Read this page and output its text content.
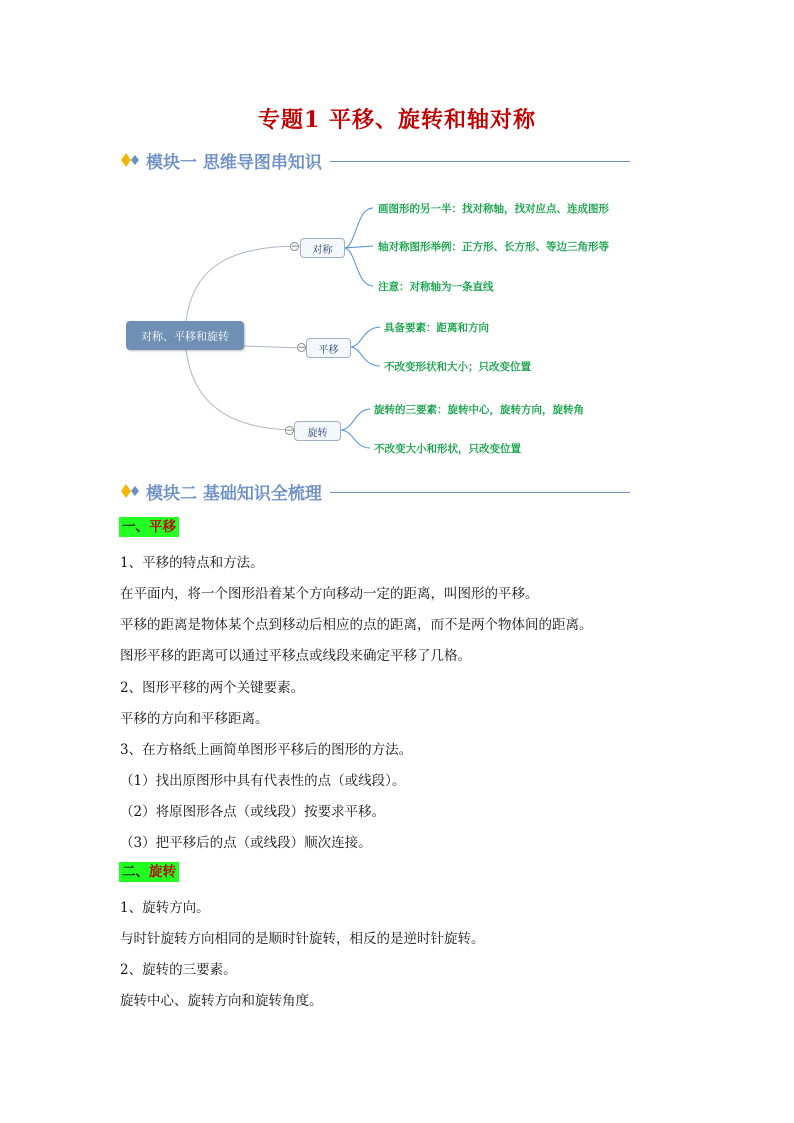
专题1 平移、旋转和轴对称
模块一 思维导图串知识
对称、平移和旋转
−	对称
−	平移
−	旋转
画图形的另一半：找对称轴，找对应点、连成图形
轴对称图形举例：正方形、长方形、等边三角形等
注意：对称轴为一条直线
具备要素：距离和方向
不改变形状和大小；只改变位置
旋转的三要素：旋转中心，旋转方向，旋转角
不改变大小和形状，只改变位置
模块二 基础知识全梳理
一、平移
1、平移的特点和方法。
在平面内，将一个图形沿着某个方向移动一定的距离，叫图形的平移。
平移的距离是物体某个点到移动后相应的点的距离，而不是两个物体间的距离。
图形平移的距离可以通过平移点或线段来确定平移了几格。
2、图形平移的两个关键要素。
平移的方向和平移距离。
3、在方格纸上画简单图形平移后的图形的方法。
（1）找出原图形中具有代表性的点（或线段）。
（2）将原图形各点（或线段）按要求平移。
（3）把平移后的点（或线段）顺次连接。
二、旋转
1、旋转方向。
与时针旋转方向相同的是顺时针旋转，相反的是逆时针旋转。
2、旋转的三要素。
旋转中心、旋转方向和旋转角度。
